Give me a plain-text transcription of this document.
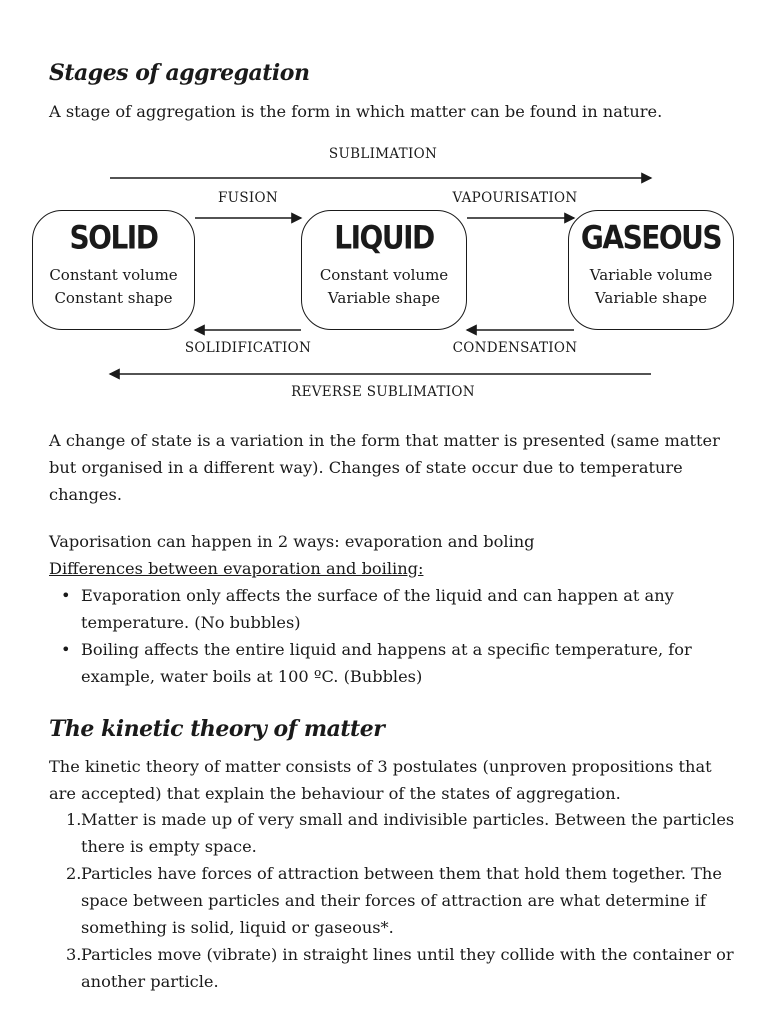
Stages of aggregation

A stage of aggregation is the form in which matter can be found in nature.

SUBLIMATION
FUSION	VAPOURISATION
SOLIDIFICATION	CONDENSATION
REVERSE SUBLIMATION
SOLID
Constant volume
Constant shape
LIQUID
Constant volume
Variable shape
GASEOUS
Variable volume
Variable shape

A change of state is a variation in the form that matter is presented (same matter but organised in a different way). Changes of state occur due to temperature changes.

Vaporisation can happen in 2 ways: evaporation and boling

Differences between evaporation and boiling:

• Evaporation only affects the surface of the liquid and can happen at any temperature. (No bubbles)
• Boiling affects the entire liquid and happens at a specific temperature, for example, water boils at 100 ºC. (Bubbles)
The kinetic theory of matter

The kinetic theory of matter consists of 3 postulates (unproven propositions that are accepted) that explain the behaviour of the states of aggregation.

1. Matter is made up of very small and indivisible particles. Between the particles there is empty space.
2. Particles have forces of attraction between them that hold them together. The space between particles and their forces of attraction are what determine if something is solid, liquid or gaseous*.
3. Particles move (vibrate) in straight lines until they collide with the container or another particle.
